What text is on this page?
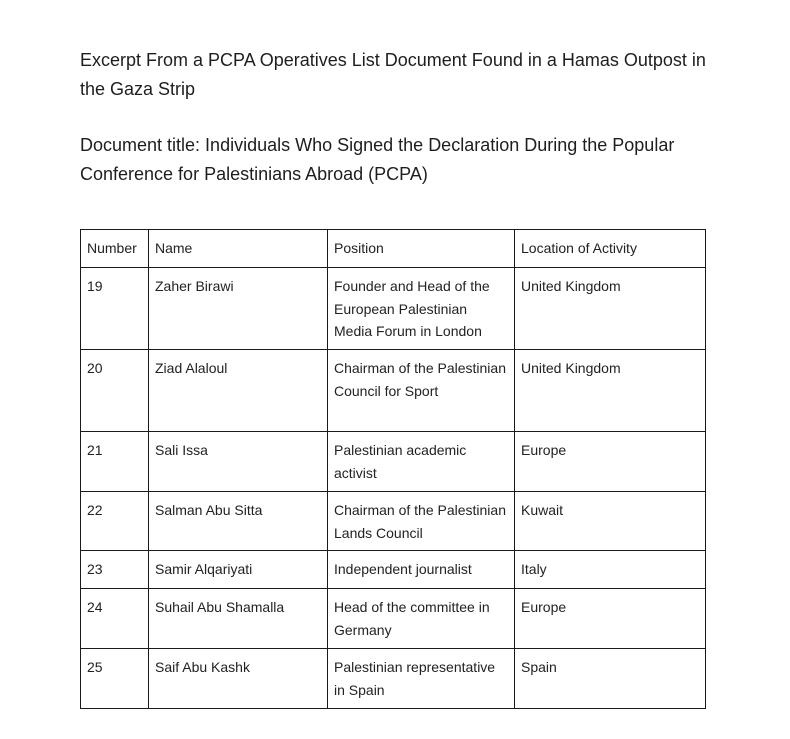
Excerpt From a PCPA Operatives List Document Found in a Hamas Outpost in the Gaza Strip

Document title: Individuals Who Signed the Declaration During the Popular Conference for Palestinians Abroad (PCPA)

Number	Name	Position	Location of Activity
19	Zaher Birawi	Founder and Head of the European Palestinian Media Forum in London	United Kingdom
20	Ziad Alaloul	Chairman of the Palestinian Council for Sport	United Kingdom
21	Sali Issa	Palestinian academic activist	Europe
22	Salman Abu Sitta	Chairman of the Palestinian Lands Council	Kuwait
23	Samir Alqariyati	Independent journalist	Italy
24	Suhail Abu Shamalla	Head of the committee in Germany	Europe
25	Saif Abu Kashk	Palestinian representative in Spain	Spain
